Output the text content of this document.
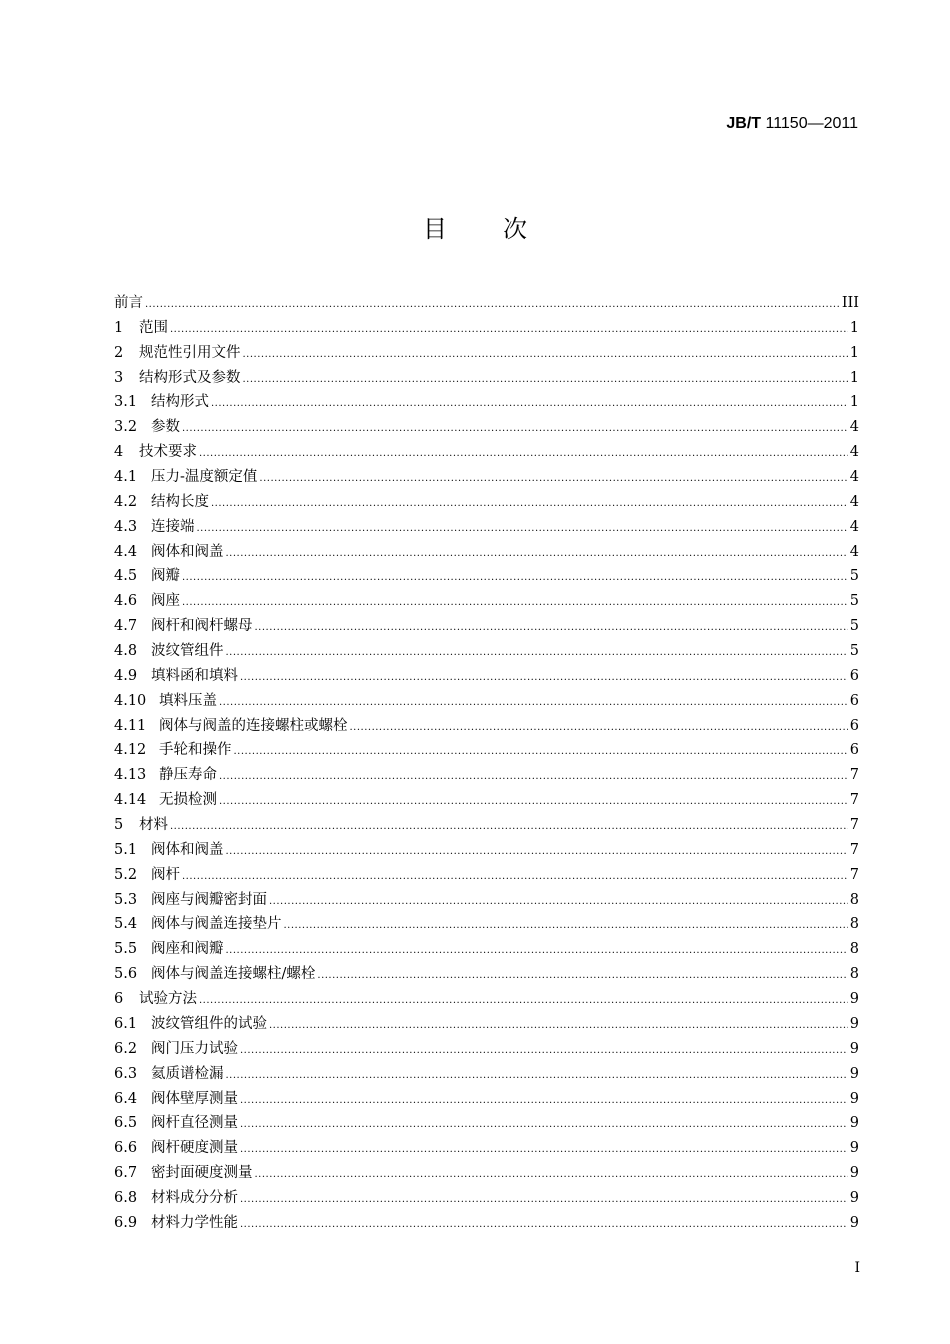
JB/T 11150—2011
目次
前言 .....	III
1	范围 .....	1
2	规范性引用文件 .....	1
3	结构形式及参数 .....	1
3.1 结构形式 .....	1
3.2 参数 .....	4
4	技术要求 .....	4
4.1 压力-温度额定值 .....	4
4.2 结构长度 .....	4
4.3 连接端 .....	4
4.4 阀体和阀盖 .....	4
4.5 阀瓣 .....	5
4.6 阀座 .....	5
4.7 阀杆和阀杆螺母 .....	5
4.8 波纹管组件 .....	5
4.9 填料函和填料 .....	6
4.10 填料压盖 .....	6
4.11 阀体与阀盖的连接螺柱或螺栓 .....	6
4.12 手轮和操作 .....	6
4.13 静压寿命 .....	7
4.14 无损检测 .....	7
5	材料 .....	7
5.1 阀体和阀盖 .....	7
5.2 阀杆 .....	7
5.3 阀座与阀瓣密封面 .....	8
5.4 阀体与阀盖连接垫片 .....	8
5.5 阀座和阀瓣 .....	8
5.6 阀体与阀盖连接螺柱/螺栓 .....	8
6	试验方法 .....	9
6.1 波纹管组件的试验 .....	9
6.2 阀门压力试验 .....	9
6.3 氦质谱检漏 .....	9
6.4 阀体壁厚测量 .....	9
6.5 阀杆直径测量 .....	9
6.6 阀杆硬度测量 .....	9
6.7 密封面硬度测量 .....	9
6.8 材料成分分析 .....	9
6.9 材料力学性能 .....	9
I
